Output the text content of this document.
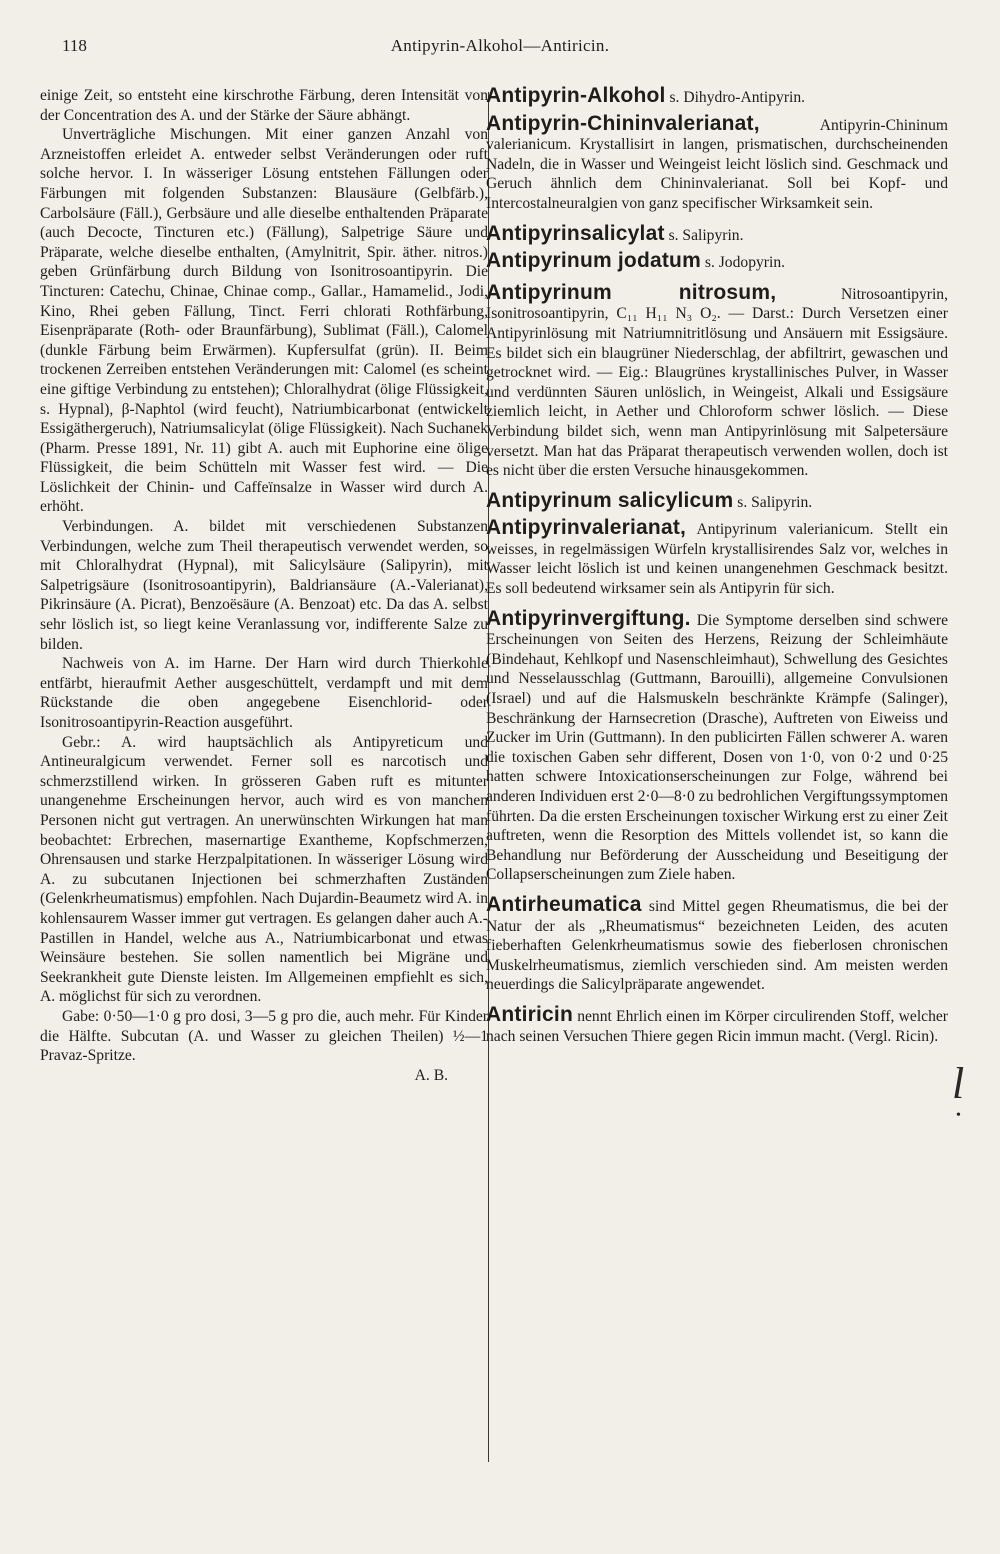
118	Antipyrin-Alkohol—Antiricin.

einige Zeit, so entsteht eine kirschrothe Färbung, deren Intensität von der Concentration des A. und der Stärke der Säure abhängt.

Unverträgliche Mischungen. Mit einer ganzen Anzahl von Arzneistoffen erleidet A. entweder selbst Veränderungen oder ruft solche hervor. I. In wässeriger Lösung entstehen Fällungen oder Färbungen mit folgenden Substanzen: Blausäure (Gelbfärb.), Carbolsäure (Fäll.), Gerbsäure und alle dieselbe enthaltenden Präparate (auch Decocte, Tincturen etc.) (Fällung), Salpetrige Säure und Präparate, welche dieselbe enthalten, (Amylnitrit, Spir. äther. nitros.) geben Grünfärbung durch Bildung von Isonitrosoantipyrin. Die Tincturen: Catechu, Chinae, Chinae comp., Gallar., Hamamelid., Jodi, Kino, Rhei geben Fällung, Tinct. Ferri chlorati Rothfärbung, Eisenpräparate (Roth- oder Braunfärbung), Sublimat (Fäll.), Calomel (dunkle Färbung beim Erwärmen). Kupfersulfat (grün). II. Beim trockenen Zerreiben entstehen Veränderungen mit: Calomel (es scheint eine giftige Verbindung zu entstehen); Chloralhydrat (ölige Flüssigkeit, s. Hypnal), β-Naphtol (wird feucht), Natriumbicarbonat (entwickelt Essigäthergeruch), Natriumsalicylat (ölige Flüssigkeit). Nach Suchanek (Pharm. Presse 1891, Nr. 11) gibt A. auch mit Euphorine eine ölige Flüssigkeit, die beim Schütteln mit Wasser fest wird. — Die Löslichkeit der Chinin- und Caffeïnsalze in Wasser wird durch A. erhöht.

Verbindungen. A. bildet mit verschiedenen Substanzen Verbindungen, welche zum Theil therapeutisch verwendet werden, so mit Chloralhydrat (Hypnal), mit Salicylsäure (Salipyrin), mit Salpetrigsäure (Isonitrosoantipyrin), Baldriansäure (A.-Valerianat), Pikrinsäure (A. Picrat), Benzoësäure (A. Benzoat) etc. Da das A. selbst sehr löslich ist, so liegt keine Veranlassung vor, indifferente Salze zu bilden.

Nachweis von A. im Harne. Der Harn wird durch Thierkohle entfärbt, hieraufmit Aether ausgeschüttelt, verdampft und mit dem Rückstande die oben angegebene Eisenchlorid- oder Isonitrosoantipyrin-Reaction ausgeführt.

Gebr.: A. wird hauptsächlich als Antipyreticum und Antineuralgicum verwendet. Ferner soll es narcotisch und schmerzstillend wirken. In grösseren Gaben ruft es mitunter unangenehme Erscheinungen hervor, auch wird es von manchen Personen nicht gut vertragen. An unerwünschten Wirkungen hat man beobachtet: Erbrechen, masernartige Exantheme, Kopfschmerzen, Ohrensausen und starke Herzpalpitationen. In wässeriger Lösung wird A. zu subcutanen Injectionen bei schmerzhaften Zuständen (Gelenkrheumatismus) empfohlen. Nach Dujardin-Beaumetz wird A. in kohlensaurem Wasser immer gut vertragen. Es gelangen daher auch A.-Pastillen in Handel, welche aus A., Natriumbicarbonat und etwas Weinsäure bestehen. Sie sollen namentlich bei Migräne und Seekrankheit gute Dienste leisten. Im Allgemeinen empfiehlt es sich, A. möglichst für sich zu verordnen.

Gabe: 0·50—1·0 g pro dosi, 3—5 g pro die, auch mehr. Für Kinder die Hälfte. Subcutan (A. und Wasser zu gleichen Theilen) ½—1 Pravaz-Spritze.

A. B.

Antipyrin-Alkohol s. Dihydro-Antipyrin.

Antipyrin-Chininvalerianat,	Antipyrin-Chininum valerianicum. Krystallisirt in langen, prismatischen, durchscheinenden Nadeln, die in Wasser und Weingeist leicht löslich sind. Geschmack und Geruch ähnlich dem Chininvalerianat. Soll bei Kopf- und Intercostalneuralgien von ganz specifischer Wirksamkeit sein.

Antipyrinsalicylat s. Salipyrin.

Antipyrinum jodatum s. Jodopyrin.

Antipyrinum nitrosum,	Nitrosoantipyrin, Isonitrosoantipyrin, C₁₁ H₁₁ N₃ O₂. — Darst.: Durch Versetzen einer Antipyrinlösung mit Natriumnitritlösung und Ansäuern mit Essigsäure. Es bildet sich ein blaugrüner Niederschlag, der abfiltrirt, gewaschen und getrocknet wird. — Eig.: Blaugrünes krystallinisches Pulver, in Wasser und verdünnten Säuren unlöslich, in Weingeist, Alkali und Essigsäure ziemlich leicht, in Aether und Chloroform schwer löslich. — Diese Verbindung bildet sich, wenn man Antipyrinlösung mit Salpetersäure versetzt. Man hat das Präparat therapeutisch verwenden wollen, doch ist es nicht über die ersten Versuche hinausgekommen.

Antipyrinum salicylicum s. Salipyrin.

Antipyrinvalerianat, Antipyrinum valerianicum. Stellt ein weisses, in regelmässigen Würfeln krystallisirendes Salz vor, welches in Wasser leicht löslich ist und keinen unangenehmen Geschmack besitzt. Es soll bedeutend wirksamer sein als Antipyrin für sich.

Antipyrinvergiftung. Die Symptome derselben sind schwere Erscheinungen von Seiten des Herzens, Reizung der Schleimhäute (Bindehaut, Kehlkopf und Nasenschleimhaut), Schwellung des Gesichtes und Nesselausschlag (Guttmann, Barouilli), allgemeine Convulsionen (Israel) und auf die Halsmuskeln beschränkte Krämpfe (Salinger), Beschränkung der Harnsecretion (Drasche), Auftreten von Eiweiss und Zucker im Urin (Guttmann). In den publicirten Fällen schwerer A. waren die toxischen Gaben sehr different, Dosen von 1·0, von 0·2 und 0·25 hatten schwere Intoxicationserscheinungen zur Folge, während bei anderen Individuen erst 2·0—8·0 zu bedrohlichen Vergiftungssymptomen führten. Da die ersten Erscheinungen toxischer Wirkung erst zu einer Zeit auftreten, wenn die Resorption des Mittels vollendet ist, so kann die Behandlung nur Beförderung der Ausscheidung und Beseitigung der Collapserscheinungen zum Ziele haben.

Antirheumatica sind Mittel gegen Rheumatismus, die bei der Natur der als „Rheumatismus“ bezeichneten Leiden, des acuten fieberhaften Gelenkrheumatismus sowie des fieberlosen chronischen Muskelrheumatismus, ziemlich verschieden sind. Am meisten werden neuerdings die Salicylpräparate angewendet.

Antiricin nennt Ehrlich einen im Körper circulirenden Stoff, welcher nach seinen Versuchen Thiere gegen Ricin immun macht. (Vergl. Ricin).

l
•
